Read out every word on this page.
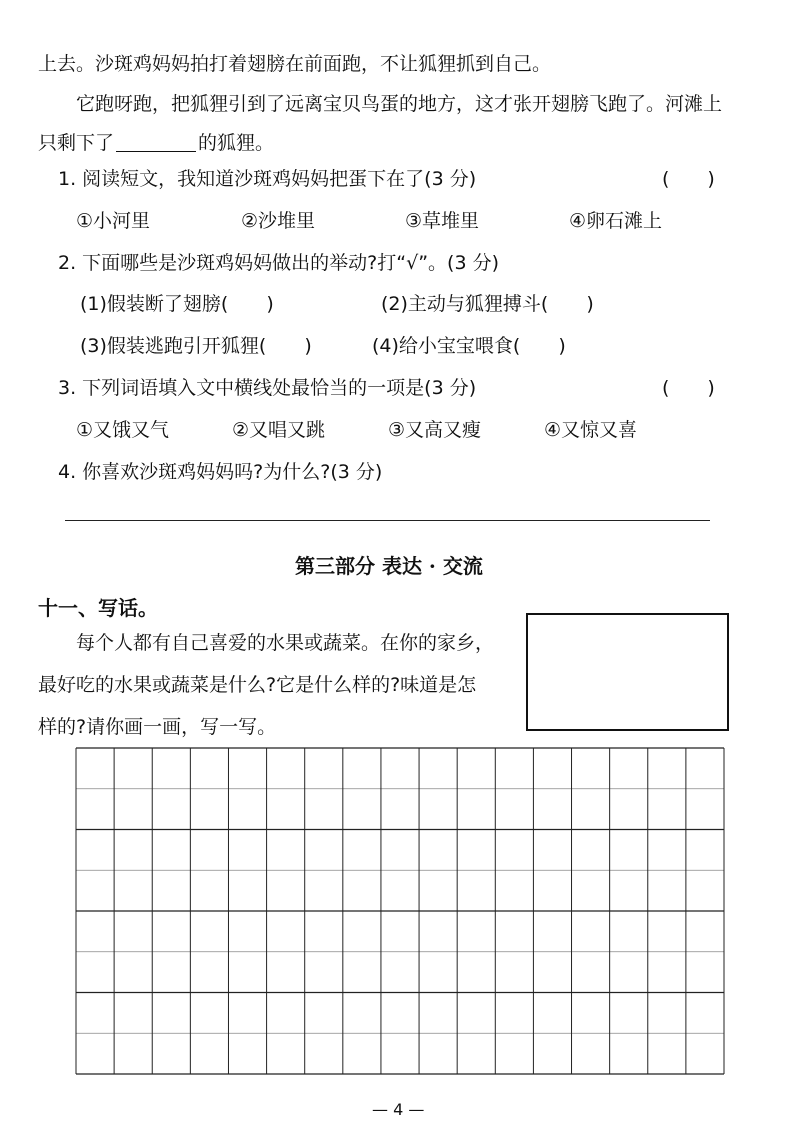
上去。沙斑鸡妈妈拍打着翅膀在前面跑，不让狐狸抓到自己。
它跑呀跑，把狐狸引到了远离宝贝鸟蛋的地方，这才张开翅膀飞跑了。河滩上
只剩下了	的狐狸。
1. 阅读短文，我知道沙斑鸡妈妈把蛋下在了(3 分)	(　　)
①小河里	②沙堆里	③草堆里	④卵石滩上
2. 下面哪些是沙斑鸡妈妈做出的举动?打“√”。(3 分)
(1)假装断了翅膀(　　)	(2)主动与狐狸搏斗(　　)
(3)假装逃跑引开狐狸(　　)	(4)给小宝宝喂食(　　)
3. 下列词语填入文中横线处最恰当的一项是(3 分)	(　　)
①又饿又气	②又唱又跳	③又高又瘦	④又惊又喜
4. 你喜欢沙斑鸡妈妈吗?为什么?(3 分)
第三部分 表达 · 交流
十一、写话。
每个人都有自己喜爱的水果或蔬菜。在你的家乡，
最好吃的水果或蔬菜是什么?它是什么样的?味道是怎
样的?请你画一画，写一写。
— 4 —
